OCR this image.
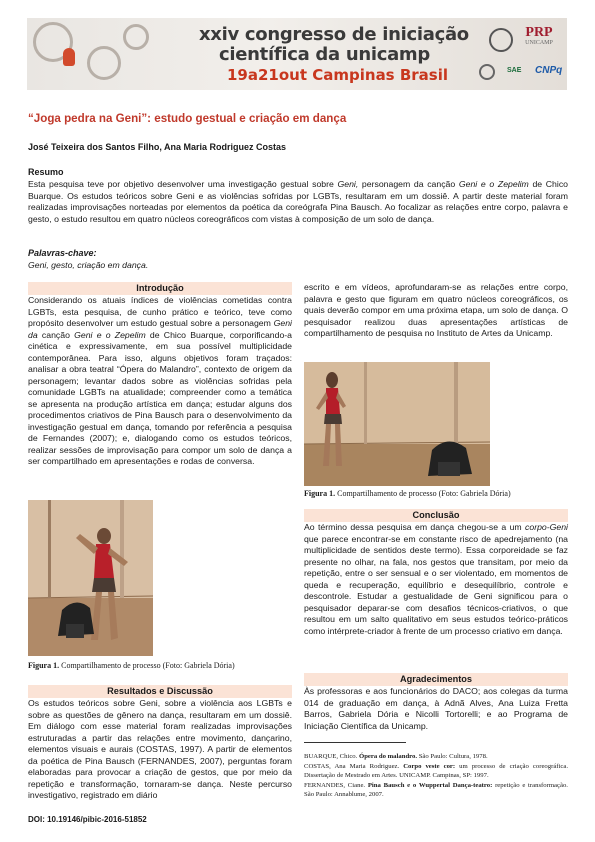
xxiv congresso de iniciação
científica da unicamp
19a21out Campinas Brasil
PRP
UNICAMP
SAE CNPq
“Joga pedra na Geni”: estudo gestual e criação em dança
José Teixeira dos Santos Filho, Ana Maria Rodriguez Costas
Resumo
Esta pesquisa teve por objetivo desenvolver uma investigação gestual sobre Geni, personagem da canção Geni e o Zepelim de Chico Buarque. Os estudos teóricos sobre Geni e as violências sofridas por LGBTs, resultaram em um dossiê. A partir deste material foram realizadas improvisações norteadas por elementos da poética da coreógrafa Pina Bausch. Ao focalizar as relações entre corpo, palavra e gesto, o estudo resultou em quatro núcleos coreográficos com vistas à composição de um solo de dança.
Palavras-chave:
Geni, gesto, criação em dança.
Introdução
Considerando os atuais índices de violências cometidas contra LGBTs, esta pesquisa, de cunho prático e teórico, teve como propósito desenvolver um estudo gestual sobre a personagem Geni da canção Geni e o Zepelim de Chico Buarque, corporificando-a cinética e expressivamente, em sua possível multiplicidade contemporânea. Para isso, alguns objetivos foram traçados: analisar a obra teatral “Ópera do Malandro”, contexto de origem da personagem; levantar dados sobre as violências sofridas pela comunidade LGBTs na atualidade; compreender como a temática se apresenta na produção artística em dança; estudar alguns dos procedimentos criativos de Pina Bausch para o desenvolvimento da investigação gestual em dança, tomando por referência a pesquisa de Fernandes (2007); e, dialogando como os estudos teóricos, realizar sessões de improvisação para compor um solo de dança a ser compartilhado em apresentações e rodas de conversa.
Figura 1. Compartilhamento de processo (Foto: Gabriela Dória)
Resultados e Discussão
Os estudos teóricos sobre Geni, sobre a violência aos LGBTs e sobre as questões de gênero na dança, resultaram em um dossiê. Em diálogo com esse material foram realizadas improvisações estruturadas a partir das relações entre movimento, dançarino, elementos visuais e aurais (COSTAS, 1997). A partir de elementos da poética de Pina Bausch (FERNANDES, 2007), perguntas foram elaboradas para provocar a criação de gestos, que por meio da repetição e transformação, tornaram-se dança. Neste percurso investigativo, registrado em diário
DOI: 10.19146/pibic-2016-51852
escrito e em vídeos, aprofundaram-se as relações entre corpo, palavra e gesto que figuram em quatro núcleos coreográficos, os quais deverão compor em uma próxima etapa, um solo de dança. O pesquisador realizou duas apresentações artísticas de compartilhamento de pesquisa no Instituto de Artes da Unicamp.
Figura 1. Compartilhamento de processo (Foto: Gabriela Dória)
Conclusão
Ao término dessa pesquisa em dança chegou-se a um corpo-Geni que parece encontrar-se em constante risco de apedrejamento (na multiplicidade de sentidos deste termo). Essa corporeidade se faz presente no olhar, na fala, nos gestos que transitam, por meio da repetição, entre o ser sensual e o ser violentado, em momentos de queda e recuperação, equilíbrio e desequilíbrio, controle e descontrole. Estudar a gestualidade de Geni significou para o pesquisador deparar-se com desafios técnicos-criativos, o que resultou em um salto qualitativo em seus estudos teórico-práticos como intérprete-criador à frente de um processo criativo em dança.
Agradecimentos
Às professoras e aos funcionários do DACO; aos colegas da turma 014 de graduação em dança, à Adnã Alves, Ana Luiza Fretta Barros, Gabriela Dória e Nicolli Tortorelli; e ao Programa de Iniciação Científica da Unicamp.
BUARQUE, Chico. Ópera do malandro. São Paulo: Cultura, 1978.
COSTAS, Ana Maria Rodriguez. Corpo veste cor: um processo de criação coreográfica. Dissertação de Mestrado em Artes. UNICAMP. Campinas, SP: 1997.
FERNANDES, Ciane. Pina Bausch e o Wuppertal Dança-teatro: repetição e transformação. São Paulo: Annablume, 2007.
